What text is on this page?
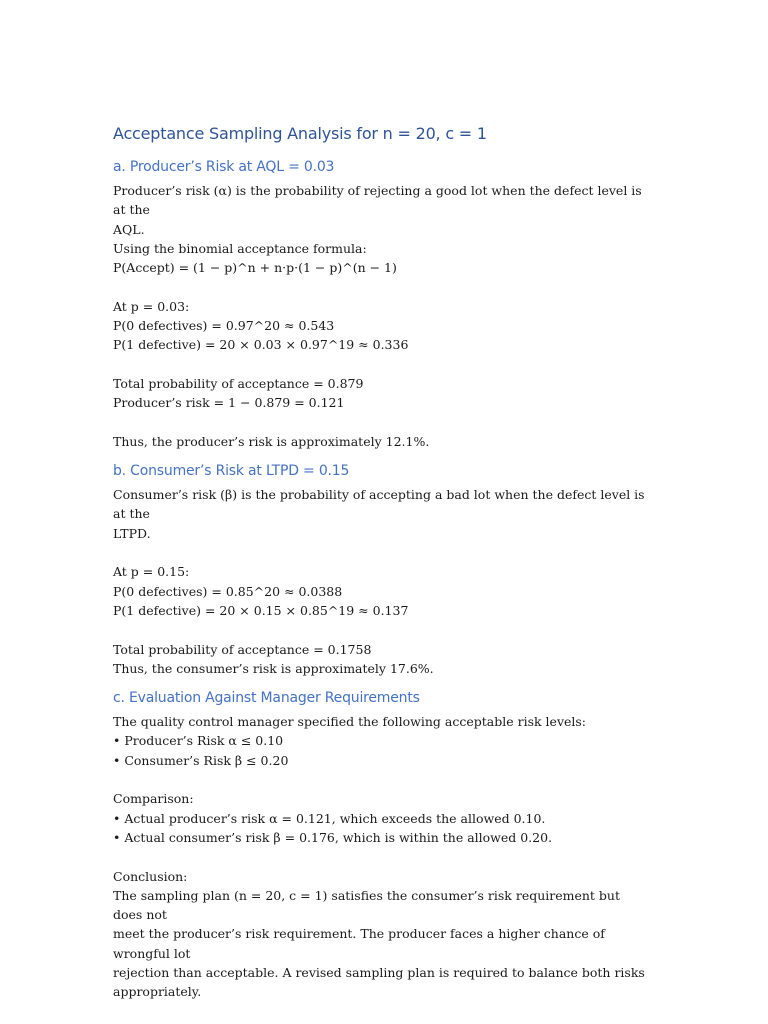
Acceptance Sampling Analysis for n = 20, c = 1
a. Producer’s Risk at AQL = 0.03
Producer’s risk (α) is the probability of rejecting a good lot when the defect level is at the
AQL.
Using the binomial acceptance formula:
P(Accept) = (1 − p)^n + n·p·(1 − p)^(n − 1)
At p = 0.03:
P(0 defectives) = 0.97^20 ≈ 0.543
P(1 defective) = 20 × 0.03 × 0.97^19 ≈ 0.336
Total probability of acceptance = 0.879
Producer’s risk = 1 − 0.879 = 0.121
Thus, the producer’s risk is approximately 12.1%.
b. Consumer’s Risk at LTPD = 0.15
Consumer’s risk (β) is the probability of accepting a bad lot when the defect level is at the
LTPD.
At p = 0.15:
P(0 defectives) = 0.85^20 ≈ 0.0388
P(1 defective) = 20 × 0.15 × 0.85^19 ≈ 0.137
Total probability of acceptance = 0.1758
Thus, the consumer’s risk is approximately 17.6%.
c. Evaluation Against Manager Requirements
The quality control manager specified the following acceptable risk levels:
• Producer’s Risk α ≤ 0.10
• Consumer’s Risk β ≤ 0.20
Comparison:
• Actual producer’s risk α = 0.121, which exceeds the allowed 0.10.
• Actual consumer’s risk β = 0.176, which is within the allowed 0.20.
Conclusion:
The sampling plan (n = 20, c = 1) satisfies the consumer’s risk requirement but does not
meet the producer’s risk requirement. The producer faces a higher chance of wrongful lot
rejection than acceptable. A revised sampling plan is required to balance both risks
appropriately.
